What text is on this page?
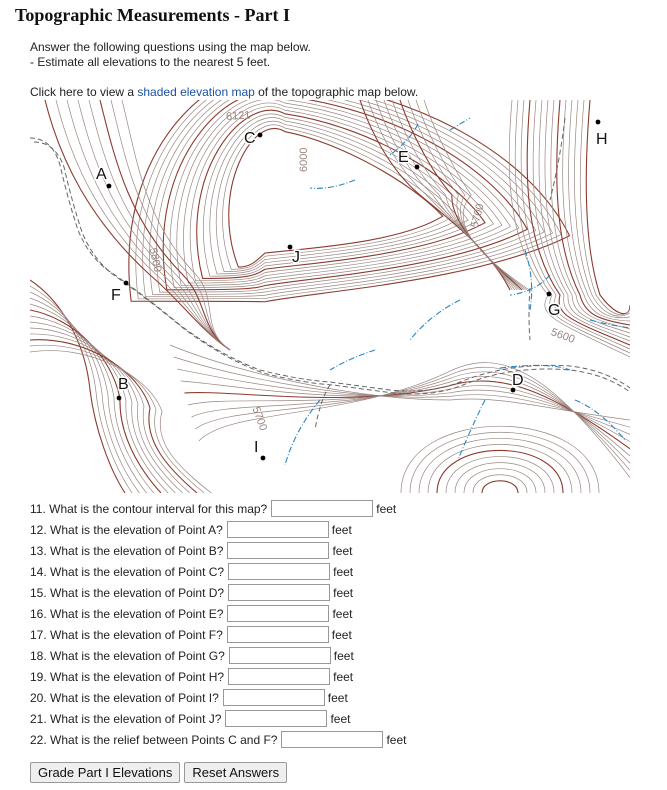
Topographic Measurements - Part I
Answer the following questions using the map below.
- Estimate all elevations to the nearest 5 feet.
Click here to view a shaded elevation map of the topographic map below.
6121
6000
5800
5700
5700
5600
A
B
C
D
E
F
G
H
I
J
11. What is the contour interval for this map?	feet
12. What is the elevation of Point A?	feet
13. What is the elevation of Point B?	feet
14. What is the elevation of Point C?	feet
15. What is the elevation of Point D?	feet
16. What is the elevation of Point E?	feet
17. What is the elevation of Point F?	feet
18. What is the elevation of Point G?	feet
19. What is the elevation of Point H?	feet
20. What is the elevation of Point I?	feet
21. What is the elevation of Point J?	feet
22. What is the relief between Points C and F?	feet
Grade Part I Elevations	Reset Answers
